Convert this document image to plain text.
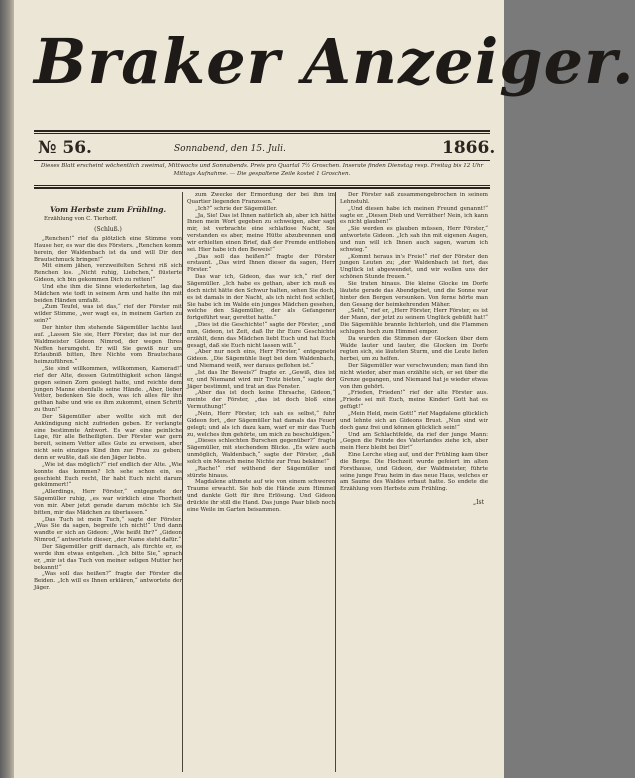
Braker Anzeiger.
№ 56.	Sonnabend, den 15. Juli.	1866.
Dieses Blatt erscheint wöchentlich zweimal, Mittwochs und Sonnabends. Preis pro Quartal 7½ Groschen. Inserate finden Dienstag resp. Freitag bis 12 Uhr Mittags Aufnahme. — Die gespaltene Zeile kostet 1 Groschen.
Vom Herbste zum Frühling.
Erzählung von C. Tierhoff.
(Schluß.)

„Renchen!“ rief da plötzlich eine Stimme vom Hause her, es war die des Försters. „Renchen komm herein, der Waldenbach ist da und will Dir den Brautschmuck bringen!“

Mit einem jähen, verzweifelten Schrei riß sich Renchen los. „Nicht ruhig, Liebchen,“ flüsterte Gideon, ich bin gekommen Dich zu retten!“

Und ehe ihm die Sinne wiederkehrten, lag das Mädchen wie todt in seinem Arm und hatte ihn mit beiden Händen umfaßt.

„Zum Teufel, was ist das,“ rief der Förster mit wilder Stimme, „wer wagt es, in meinem Garten zu sein?“

Der hinter ihm stehende Sägemüller lachte laut auf. „Lassen Sie sie, Herr Förster, das ist nur der Waldmeister Gideon Nimrod, der wegen Ihres Neffen herumgeht. Er will Sie gewiß nur um Erlaubniß bitten, Ihre Nichte vom Brautschaus heimzuführen.“

„Sie sind willkommen, willkommen, Kamerad!“ rief der Alte, dessen Gutmüthigkeit schon längst gegen seinen Zorn gesiegt hatte, und reichte dem jungen Manne ebenfalls seine Hände. „Aber, lieber Vetter, bedenken Sie doch, was ich alles für ihn gethan habe und wie es ihm zukommt, einen Schritt zu thun!“

Der Sägemüller aber wollte sich mit der Ankündigung nicht zufrieden geben. Er verlangte eine bestimmte Antwort. Es war eine peinliche Lage, für alle Betheiligten. Der Förster war gern bereit, seinem Vetter alles Gute zu erweisen, aber nicht sein einziges Kind ihm zur Frau zu geben; denn er wußte, daß sie den Jäger liebte.

„Wie ist das möglich?“ rief endlich der Alte. „Wie konnte das kommen? Ich sehe schon ein, es geschieht Euch recht, Ihr habt Euch nicht darum gekümmert!“

„Allerdings, Herr Förster,“ entgegnete der Sägemüller ruhig, „es war wirklich eine Thorheit von mir. Aber jetzt gerade darum möchte ich Sie bitten, mir das Mädchen zu überlassen.“

„Das Tuch ist mein Tuch,“ sagte der Förster. „Was Sie da sagen, begreife ich nicht!“ Und dann wandte er sich an Gideon: „Wie heißt Ihr?“ „Gideon Nimrod,“ antwortete dieser, „der Name steht dafür.“

Der Sägemüller griff darnach, als fürchte er, es werde ihm etwas entgehen. „Ich bitte Sie,“ sprach er, „mir ist das Tuch von meiner seligen Mutter her bekannt!“

„Was soll das heißen?“ fragte der Förster die Beiden. „Ich will es Ihnen erklären,“ antwortete der Jäger.

zum Zwecke der Ermordung der bei ihm im Quartier liegenden Franzosen.“

„Ich?“ schrie der Sägemüller.

„Ja, Sie! Das ist Ihnen natürlich ab, aber ich hätte Ihnen mein Wort gegeben zu schweigen, aber sagt mir, ist verbrachte eine schlaflose Nacht, Sie verstanden es aber, meine Hütte abzubrennen und wir erhielten einen Brief, daß der Fremde entflohen sei. Hier habe ich den Beweis!“

„Das soll das heißen?“ fragte der Förster erstaunt. „Das wird Ihnen dieser da sagen, Herr Förster.“

Das war ich, Gideon, das war ich,“ rief der Sägemüller. „Ich habe es gethan, aber ich muß es doch nicht hätte den Schwur halten, sehen Sie doch, es ist damals in der Nacht, als ich nicht fest schlief, Sie habe ich im Walde ein junges Mädchen gesehen, welche den Sägemüller, der als Gefangener fortgeführt war, gerettet hatte.“

„Dies ist die Geschichte!“ sagte der Förster, „und nun, Gideon, ist Zeit, daß Ihr ihr Eure Geschichte erzählt, denn das Mädchen liebt Euch und hat Euch gesagt, daß sie Euch nicht lassen will.“

„Aber nur noch eins, Herr Förster,“ entgegnete Gideon. „Die Sägemühle liegt bei dem Waldenbach, und Niemand weiß, wer daraus geflohen ist.“

„Ist das Ihr Beweis?“ fragte er. „Gewiß, dies ist er, und Niemand wird mir Trotz bieten,“ sagte der Jäger bestimmt, und trat an das Fenster.

„Aber das ist doch keine Ehrsache, Gideon,“ meinte der Förster, „das ist doch bloß eine Vermuthung!“

„Nein, Herr Förster, ich sah es selbst,“ fuhr Gideon fort, „der Sägemüller hat damals das Feuer gelegt; und als ich dazu kam, warf er mir das Tuch zu, welches ihm gehörte, um mich zu beschuldigen.“

„Dieses schlechten Burschen gegenüber?“ fragte Sägemüller, mit stechendem Blicke. „Es wäre auch unmöglich, Waldenbach,“ sagte der Förster, „daß solch ein Mensch meine Nichte zur Frau bekäme!“

„Rache!“ rief wüthend der Sägemüller und stürzte hinaus.

Magdalene athmete auf wie von einem schweren Traume erwacht. Sie hob die Hände zum Himmel und dankte Gott für ihre Erlösung. Und Gideon drückte ihr still die Hand. Das junge Paar blieb noch eine Weile im Garten beisammen.

Der Förster saß zusammengebrochen in seinem Lehnstuhl.

„Und diesen habe ich meinen Freund genannt!“ sagte er. „Diesen Dieb und Verräther! Nein, ich kann es nicht glauben!“

„Sie werden es glauben müssen, Herr Förster,“ antwortete Gideon. „Ich sah ihn mit eigenen Augen, und nun will ich Ihnen auch sagen, warum ich schwieg.“

„Kommt heraus in's Freie!“ rief der Förster den jungen Leuten zu; „der Waldenbach ist fort, das Unglück ist abgewendet, und wir wollen uns der schönen Stunde freuen.“

Sie traten hinaus. Die kleine Glocke im Dorfe läutete gerade das Abendgebet, und die Sonne war hinter den Bergen versunken. Von ferne hörte man den Gesang der heimkehrenden Mäher.

„Seht,“ rief er, „Herr Förster, Herr Förster, es ist der Mann, der jetzt zu seinem Unglück gebüßt hat!“ Die Sägemühle brannte lichterloh, und die Flammen schlugen hoch zum Himmel empor.

Da wurden die Stimmen der Glocken über dem Walde lauter und lauter, die Glocken im Dorfe regten sich, sie läuteten Sturm, und die Leute liefen herbei, um zu helfen.

Der Sägemüller war verschwunden; man fand ihn nicht wieder, aber man erzählte sich, er sei über die Grenze gegangen, und Niemand hat je wieder etwas von ihm gehört.

„Frieden, Frieden!“ rief der alte Förster aus. „Friede sei mit Euch, meine Kinder! Gott hat es gefügt!“

„Mein Held, mein Gott!“ rief Magdalene glücklich und lehnte sich an Gideons Brust. „Nun sind wir doch ganz frei und können glücklich sein!“

Und am Schlachtfelde, da rief der junge Mann: „Gegen die Feinde des Vaterlandes ziehe ich, aber mein Herz bleibt bei Dir!“

Eine Lerche stieg auf, und der Frühling kam über die Berge. Die Hochzeit wurde gefeiert im alten Forsthause, und Gideon, der Waldmeister, führte seine junge Frau heim in das neue Haus, welches er am Saume des Waldes erbaut hatte. So endete die Erzählung vom Herbste zum Frühling.

„Ist
